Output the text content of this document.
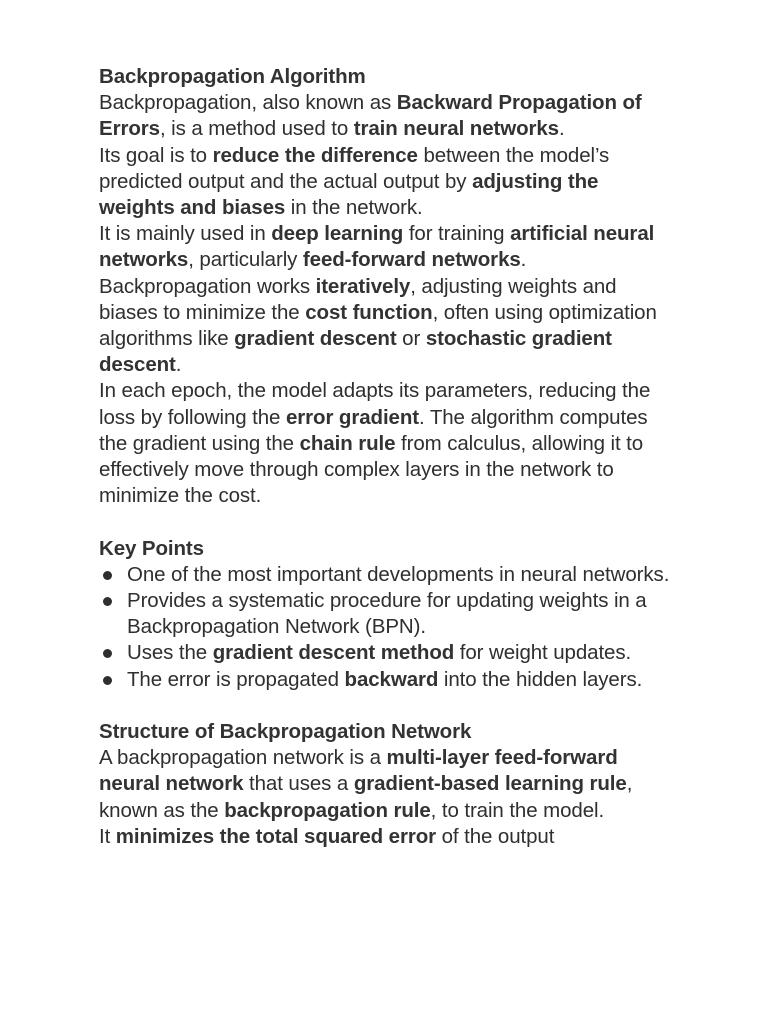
Backpropagation Algorithm

Backpropagation, also known as Backward Propagation of Errors, is a method used to train neural networks.

Its goal is to reduce the difference between the model’s predicted output and the actual output by adjusting the weights and biases in the network.

It is mainly used in deep learning for training artificial neural networks, particularly feed-forward networks.

Backpropagation works iteratively, adjusting weights and biases to minimize the cost function, often using optimization algorithms like gradient descent or stochastic gradient descent.

In each epoch, the model adapts its parameters, reducing the loss by following the error gradient. The algorithm computes the gradient using the chain rule from calculus, allowing it to effectively move through complex layers in the network to minimize the cost.

Key Points

One of the most important developments in neural networks.
Provides a systematic procedure for updating weights in a Backpropagation Network (BPN).
Uses the gradient descent method for weight updates.
The error is propagated backward into the hidden layers.

Structure of Backpropagation Network

A backpropagation network is a multi-layer feed-forward neural network that uses a gradient-based learning rule, known as the backpropagation rule, to train the model.

It minimizes the total squared error of the output
